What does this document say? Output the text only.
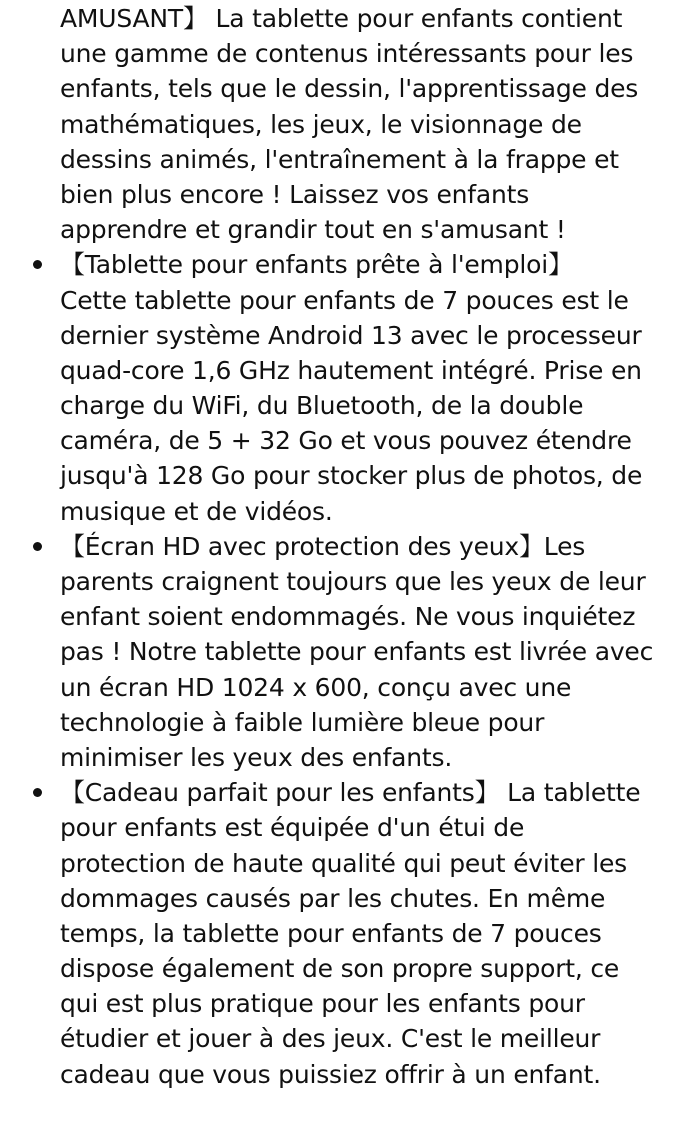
AMUSANT】 La tablette pour enfants contient
une gamme de contenus intéressants pour les
enfants, tels que le dessin, l'apprentissage des
mathématiques, les jeux, le visionnage de
dessins animés, l'entraînement à la frappe et
bien plus encore ! Laissez vos enfants
apprendre et grandir tout en s'amusant !
【Tablette pour enfants prête à l'emploi】
Cette tablette pour enfants de 7 pouces est le
dernier système Android 13 avec le processeur
quad-core 1,6 GHz hautement intégré. Prise en
charge du WiFi, du Bluetooth, de la double
caméra, de 5 + 32 Go et vous pouvez étendre
jusqu'à 128 Go pour stocker plus de photos, de
musique et de vidéos.
【Écran HD avec protection des yeux】Les
parents craignent toujours que les yeux de leur
enfant soient endommagés. Ne vous inquiétez
pas ! Notre tablette pour enfants est livrée avec
un écran HD 1024 x 600, conçu avec une
technologie à faible lumière bleue pour
minimiser les yeux des enfants.
【Cadeau parfait pour les enfants】 La tablette
pour enfants est équipée d'un étui de
protection de haute qualité qui peut éviter les
dommages causés par les chutes. En même
temps, la tablette pour enfants de 7 pouces
dispose également de son propre support, ce
qui est plus pratique pour les enfants pour
étudier et jouer à des jeux. C'est le meilleur
cadeau que vous puissiez offrir à un enfant.
